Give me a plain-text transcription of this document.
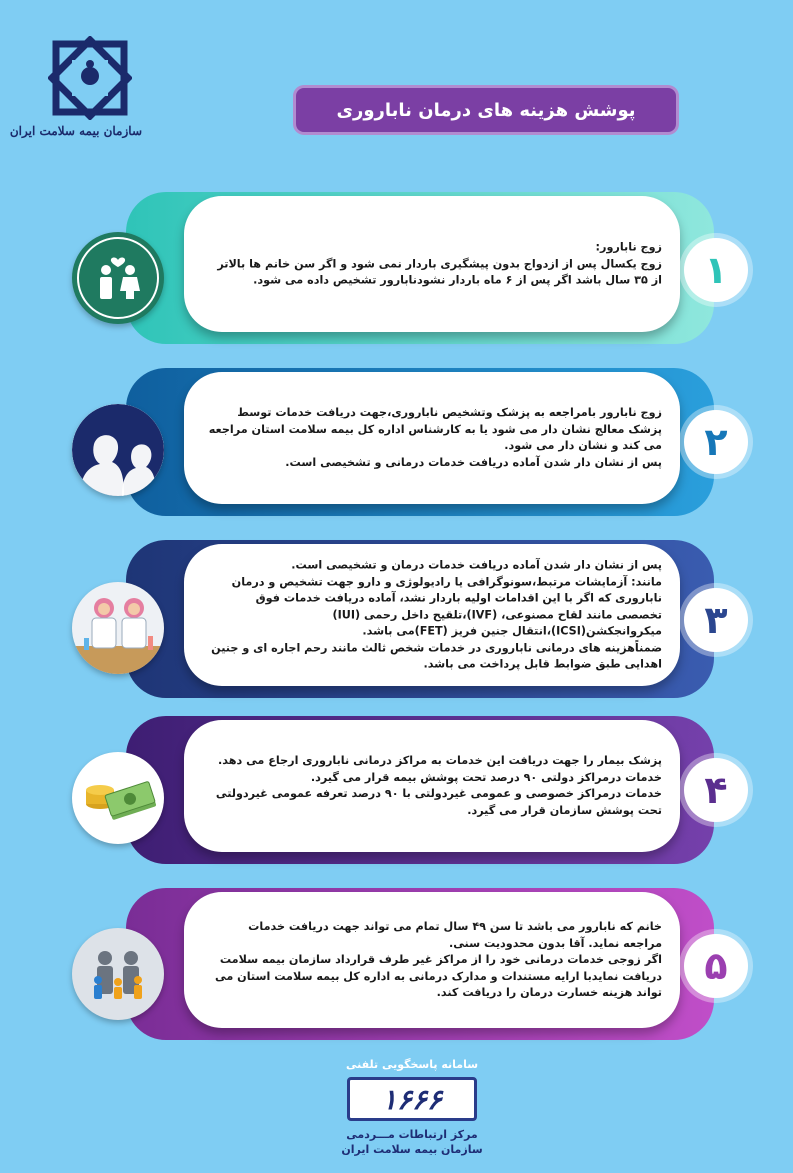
سازمان بیمه سلامت ایران
پوشش هزینه های درمان ناباروری

زوج نابارور:

زوج یکسال پس از ازدواج بدون پیشگیری باردار نمی شود و اگر سن خانم ها بالاتر از ۳۵ سال باشد اگر پس از ۶ ماه باردار نشودنابارور تشخیص داده می شود.	١

زوج نابارور بامراجعه به پزشک وتشخیص ناباروری،جهت دریافت خدمات توسط پزشک معالج نشان دار می شود یا به کارشناس اداره کل بیمه سلامت استان مراجعه می کند و نشان دار می شود.

پس از نشان دار شدن آماده دریافت خدمات درمانی و تشخیصی است.	۲

پس از نشان دار شدن آماده دریافت خدمات درمان و تشخیصی است.

مانند: آزمایشات مرتبط،سونوگرافی یا رادیولوژی و دارو جهت تشخیص و درمان ناباروری که اگر با این اقدامات اولیه باردار نشد، آماده دریافت خدمات فوق تخصصی مانند لقاح مصنوعی، (IVF)،تلقیح داخل رحمی (IUI) میکروانجکشن(ICSI)،انتقال جنین فریز (FET)می باشد.

ضمناًهزینه های درمانی ناباروری در خدمات شخص ثالث مانند رحم اجاره ای و جنین اهدایی طبق ضوابط قابل پرداخت می باشد.

۳

پزشک بیمار را جهت دریافت این خدمات به مراکز درمانی ناباروری ارجاع می دهد.

خدمات درمراکز دولتی ۹۰ درصد تحت پوشش بیمه قرار می گیرد.

خدمات درمراکز خصوصی و عمومی غیردولتی با ۹۰ درصد تعرفه عمومی غیردولتی تحت پوشش سازمان قرار می گیرد.	۴

خانم که نابارور می باشد تا سن ۴۹ سال تمام می تواند جهت دریافت خدمات مراجعه نماید. آقا بدون محدودیت سنی.

اگر زوجی خدمات درمانی خود را از مراکز غیر طرف قرارداد سازمان بیمه سلامت دریافت نمایدبا ارایه مستندات و مدارک درمانی به اداره کل بیمه سلامت استان می تواند هزینه خسارت درمان را دریافت کند.

۵
سامانه پاسخگویی تلفنی
۱۶۶۶
مرکز ارتباطات مـــردمی
سازمان بیمه سلامت ایران
